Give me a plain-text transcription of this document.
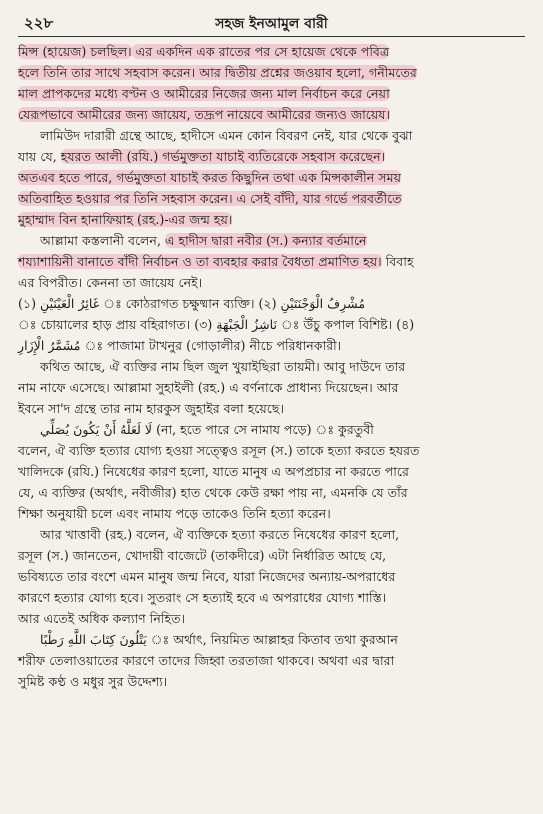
২২৮	সহজ ইনআমুল বারী

মিন্স (হায়েজ) চলছিল। এর একদিন এক রাতের পর সে হায়েজ থেকে পবিত্র

হলে তিনি তার সাথে সহবাস করেন। আর দ্বিতীয় প্রশ্নের জওয়াব হলো, গনীমতের

মাল প্রাপকদের মধ্যে বণ্টন ও আমীরের নিজের জন্য মাল নির্বাচন করে নেয়া

যেরূপভাবে আমীরের জন্য জায়েয, তদ্রূপ নায়েবে আমীরের জন্যও জায়েয।

লামিউদ দারারী গ্রন্থে আছে, হাদীসে এমন কোন বিবরণ নেই, যার থেকে বুঝা

যায় যে, হযরত আলী (রযি.) গর্ভমুক্ততা যাচাই ব্যতিরেকে সহবাস করেছেন।

অতএব হতে পারে, গর্ভমুক্ততা যাচাই করত কিছুদিন তথা এক মিন্সকালীন সময়

অতিবাহিত হওয়ার পর তিনি সহবাস করেন। এ সেই বাঁদী, যার গর্ভে পরবর্তীতে

মুহাম্মাদ বিন হানাফিয়াহ (রহ.)-এর জন্ম হয়।

আল্লামা কস্তলানী বলেন, এ হাদীস দ্বারা নবীর (স.) কন্যার বর্তমানে

শয্যাশায়িনী বানাতে বাঁদী নির্বাচন ও তা ব্যবহার করার বৈধতা প্রমাণিত হয়। বিবাহ

এর বিপরীত। কেননা তা জায়েয নেই।

(১) غَائِرُ الْعَيْنَيْنِ ঃ কোঠরাগত চক্ষুষ্মান ব্যক্তি। (২) مُشْرِفُ الْوَجْنَتَيْنِ

ঃ চোয়ালের হাড় প্রায় বহিরাগত। (৩) نَاشِزُ الْجَبْهَةِ ঃ উঁচু কপাল বিশিষ্ট। (৪)

مُشَمَّرُ الْإِزَارِ ঃ পাজামা টাখনুর (গোড়ালীর) নীচে পরিধানকারী।

কথিত আছে, ঐ ব্যক্তির নাম ছিল জুল খুয়াইছিরা তায়মী। আবু দাউদে তার

নাম নাফে এসেছে। আল্লামা সুহাইলী (রহ.) এ বর্ণনাকে প্রাধান্য দিয়েছেন। আর

ইবনে সা'দ গ্রন্থে তার নাম হারকুস জুহাইর বলা হয়েছে।

لَا لَعَلَّهُ أَنْ يَكُونَ يُصَلِّي (না, হতে পারে সে নামায পড়ে) ঃ কুরতুবী

বলেন, ঐ ব্যক্তি হত্যার যোগ্য হওয়া সত্ত্বেও রসূল (স.) তাকে হত্যা করতে হযরত

খালিদকে (রযি.) নিষেধের কারণ হলো, যাতে মানুষ এ অপপ্রচার না করতে পারে

যে, এ ব্যক্তির (অর্থাৎ, নবীজীর) হাত থেকে কেউ রক্ষা পায় না, এমনকি যে তাঁর

শিক্ষা অনুযায়ী চলে এবং নামায পড়ে তাকেও তিনি হত্যা করেন।

আর খাত্তাবী (রহ.) বলেন, ঐ ব্যক্তিকে হত্যা করতে নিষেধের কারণ হলো,

রসূল (স.) জানতেন, খোদায়ী বাজেটে (তাকদীরে) এটা নির্ধারিত আছে যে,

ভবিষ্যতে তার বংশে এমন মানুষ জন্ম নিবে, যারা নিজেদের অন্যায়-অপরাধের

কারণে হত্যার যোগ্য হবে। সুতরাং সে হত্যাই হবে এ অপরাধের যোগ্য শাস্তি।

আর এতেই অধিক কল্যাণ নিহিত।

يَتْلُونَ كِتَابَ اللَّهِ رَطْبًا ঃ অর্থাৎ, নিয়মিত আল্লাহর কিতাব তথা কুরআন

শরীফ তেলাওয়াতের কারণে তাদের জিহ্বা তরতাজা থাকবে। অথবা এর দ্বারা

সুমিষ্ট কণ্ঠ ও মধুর সুর উদ্দেশ্য।
